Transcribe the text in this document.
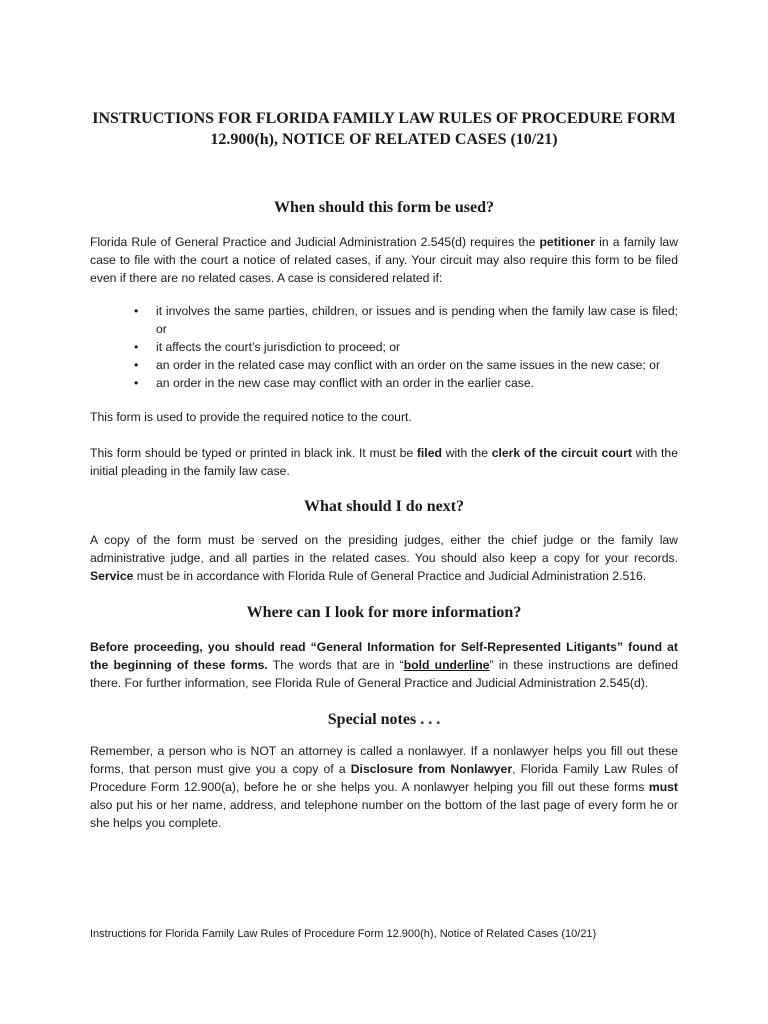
INSTRUCTIONS FOR FLORIDA FAMILY LAW RULES OF PROCEDURE FORM
12.900(h), NOTICE OF RELATED CASES (10/21)
When should this form be used?

Florida Rule of General Practice and Judicial Administration 2.545(d) requires the petitioner in a family law case to file with the court a notice of related cases, if any. Your circuit may also require this form to be filed even if there are no related cases. A case is considered related if:

• it involves the same parties, children, or issues and is pending when the family law case is filed; or
• it affects the court’s jurisdiction to proceed; or
• an order in the related case may conflict with an order on the same issues in the new case; or
• an order in the new case may conflict with an order in the earlier case.

This form is used to provide the required notice to the court.

This form should be typed or printed in black ink. It must be filed with the clerk of the circuit court with the initial pleading in the family law case.

What should I do next?

A copy of the form must be served on the presiding judges, either the chief judge or the family law administrative judge, and all parties in the related cases. You should also keep a copy for your records. Service must be in accordance with Florida Rule of General Practice and Judicial Administration 2.516.

Where can I look for more information?

Before proceeding, you should read “General Information for Self-Represented Litigants” found at the beginning of these forms. The words that are in “bold underline” in these instructions are defined there. For further information, see Florida Rule of General Practice and Judicial Administration 2.545(d).

Special notes . . .

Remember, a person who is NOT an attorney is called a nonlawyer. If a nonlawyer helps you fill out these forms, that person must give you a copy of a Disclosure from Nonlawyer, Florida Family Law Rules of Procedure Form 12.900(a), before he or she helps you. A nonlawyer helping you fill out these forms must also put his or her name, address, and telephone number on the bottom of the last page of every form he or she helps you complete.

Instructions for Florida Family Law Rules of Procedure Form 12.900(h), Notice of Related Cases (10/21)
